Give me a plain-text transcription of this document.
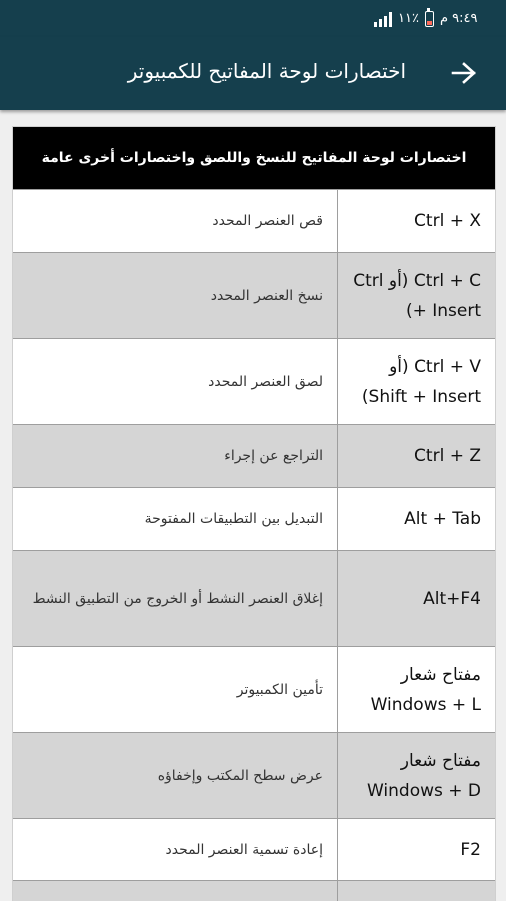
١١٪ ٩:٤٩ م
اختصارات لوحة المفاتيح للكمبيوتر
اختصارات لوحة المفاتيح للنسخ واللصق واختصارات أخرى عامة
Ctrl + X
قص العنصر المحدد
Ctrl + C (أو Ctrl + Insert)
نسخ العنصر المحدد
Ctrl + V (أو Shift + Insert)
لصق العنصر المحدد
Ctrl + Z
التراجع عن إجراء
Alt + Tab
التبديل بين التطبيقات المفتوحة
Alt+F4
إغلاق العنصر النشط أو الخروج من التطبيق النشط
مفتاح شعار Windows + L
تأمين الكمبيوتر
مفتاح شعار Windows + D
عرض سطح المكتب وإخفاؤه
F2
إعادة تسمية العنصر المحدد
